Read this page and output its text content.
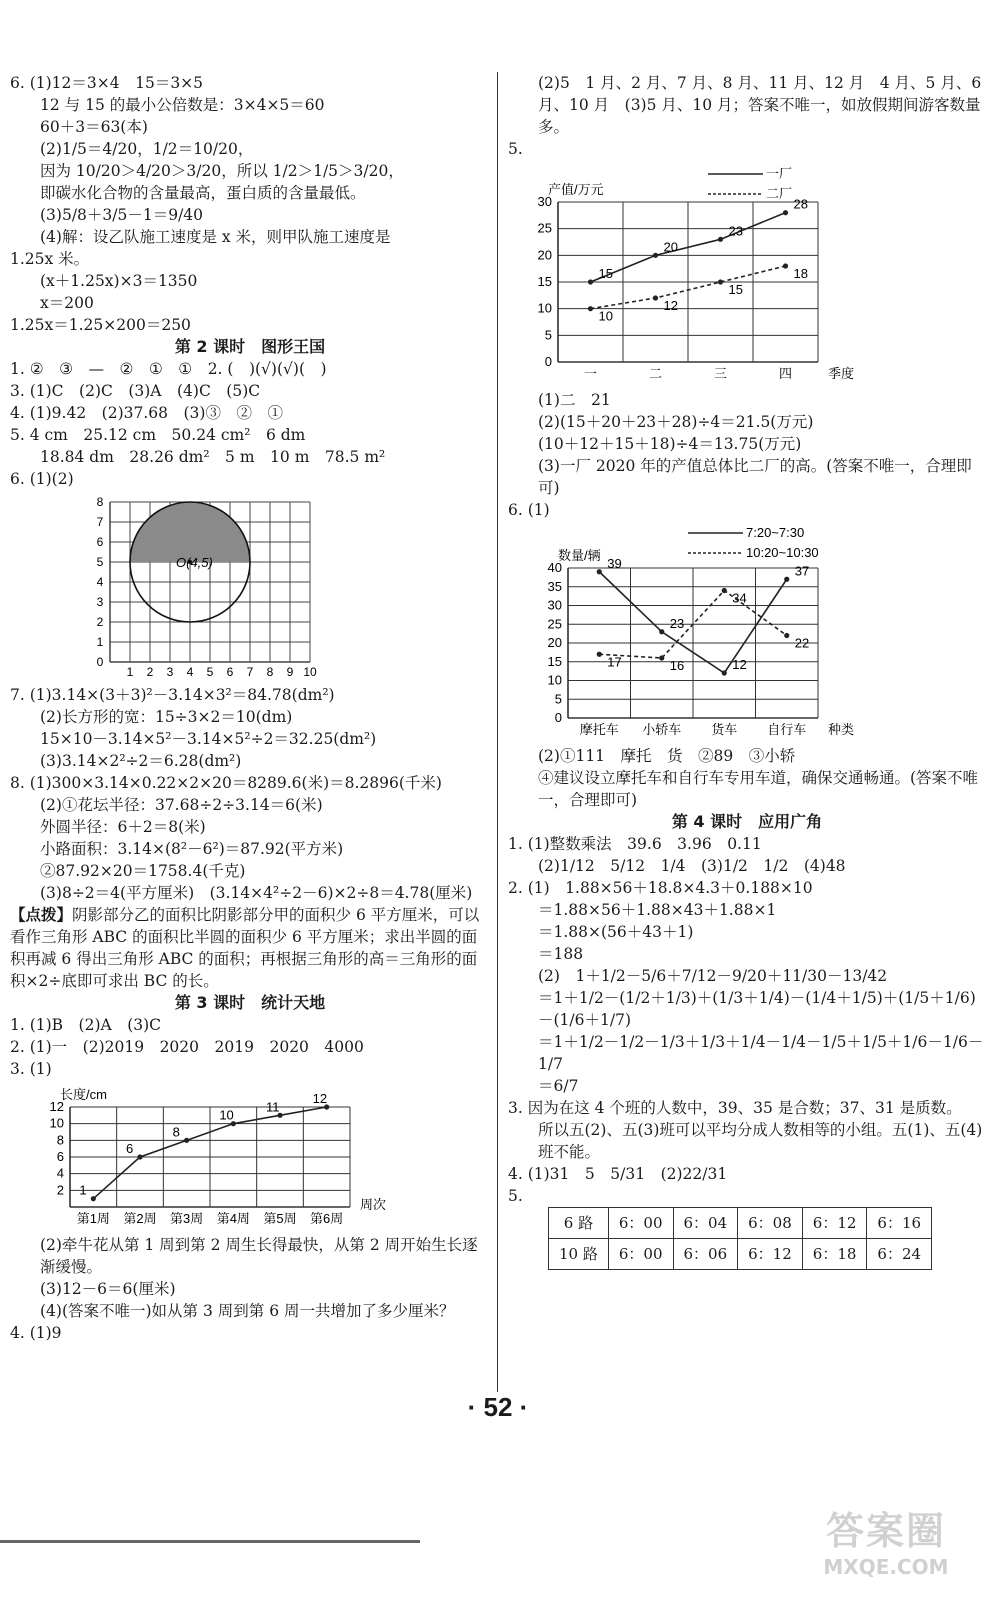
6. (1)12＝3×4　15＝3×5
12 与 15 的最小公倍数是：3×4×5＝60
60＋3＝63(本)
(2)1/5＝4/20，1/2＝10/20，
因为 10/20＞4/20＞3/20，所以 1/2＞1/5＞3/20，
即碳水化合物的含量最高，蛋白质的含量最低。
(3)5/8＋3/5－1＝9/40
(4)解：设乙队施工速度是 x 米，则甲队施工速度是
1.25x 米。
(x＋1.25x)×3＝1350
x＝200
1.25x＝1.25×200＝250
第 2 课时　图形王国
1. ②　③　—　②　①　①　2. (　)(√)(√)(　)
3. (1)C　(2)C　(3)A　(4)C　(5)C
4. (1)9.42　(2)37.68　(3)③　②　①
5. 4 cm　25.12 cm　50.24 cm²　6 dm
18.84 dm　28.26 dm²　5 m　10 m　78.5 m²
6. (1)(2)
0
1
2
3
4
5
6
7
8
1 2 3 4 5 6 7 8 9 10
O(4,5)
7. (1)3.14×(3＋3)²－3.14×3²＝84.78(dm²)
(2)长方形的宽：15÷3×2＝10(dm)
15×10－3.14×5²－3.14×5²÷2＝32.25(dm²)
(3)3.14×2²÷2＝6.28(dm²)
8. (1)300×3.14×0.22×2×20＝8289.6(米)＝8.2896(千米)
(2)①花坛半径：37.68÷2÷3.14＝6(米)
外圆半径：6＋2＝8(米)
小路面积：3.14×(8²－6²)＝87.92(平方米)
②87.92×20＝1758.4(千克)
(3)8÷2＝4(平方厘米)　(3.14×4²÷2－6)×2÷8＝4.78(厘米)
【点拨】阴影部分乙的面积比阴影部分甲的面积少 6 平方厘米，可以看作三角形 ABC 的面积比半圆的面积少 6 平方厘米；求出半圆的面积再减 6 得出三角形 ABC 的面积；再根据三角形的高＝三角形的面积×2÷底即可求出 BC 的长。
第 3 课时　统计天地
1. (1)B　(2)A　(3)C
2. (1)一　(2)2019　2020　2019　2020　4000
3. (1)
2
4
6
8
10
12
长度/cm
第1周 第2周 第3周 第4周 第5周 第6周
周次
1
6
8
10
11
12
(2)牵牛花从第 1 周到第 2 周生长得最快，从第 2 周开始生长逐渐缓慢。
(3)12－6＝6(厘米)
(4)(答案不唯一)如从第 3 周到第 6 周一共增加了多少厘米？
4. (1)9
(2)5　1 月、2 月、7 月、8 月、11 月、12 月　4 月、5 月、6 月、10 月　(3)5 月、10 月；答案不唯一，如放假期间游客数量多。
5.
0
5
10
15
20
25
30
产值/万元
一	二	三	四	季度
15
20
23
28
10
12
15
18
一厂
二厂
(1)二　21
(2)(15＋20＋23＋28)÷4＝21.5(万元)
(10＋12＋15＋18)÷4＝13.75(万元)
(3)一厂 2020 年的产值总体比二厂的高。(答案不唯一，合理即可)
6. (1)
0
5
10
15
20
25
30
35
40
数量/辆
摩托车 小轿车 货车 自行车 种类
39
23
12
37
17	16
34
22
7:20~7:30
10:20~10:30
(2)①111　摩托　货　②89　③小轿
④建议设立摩托车和自行车专用车道，确保交通畅通。(答案不唯一，合理即可)
第 4 课时　应用广角
1. (1)整数乘法　39.6　3.96　0.11
(2)1/12　5/12　1/4　(3)1/2　1/2　(4)48
2. (1)　1.88×56＋18.8×4.3＋0.188×10
＝1.88×56＋1.88×43＋1.88×1
＝1.88×(56＋43＋1)
＝188
(2)　1＋1/2－5/6＋7/12－9/20＋11/30－13/42
＝1＋1/2－(1/2＋1/3)＋(1/3＋1/4)－(1/4＋1/5)＋(1/5＋1/6)－(1/6＋1/7)
＝1＋1/2－1/2－1/3＋1/3＋1/4－1/4－1/5＋1/5＋1/6－1/6－1/7
＝6/7
3. 因为在这 4 个班的人数中，39、35 是合数；37、31 是质数。
所以五(2)、五(3)班可以平均分成人数相等的小组。五(1)、五(4)班不能。
4. (1)31　5　5/31　(2)22/31
5.
6 路	6：00	6：04	6：08	6：12	6：16
10 路	6：00	6：06	6：12	6：18	6：24
· 52 ·
答案圈
MXQE.COM
